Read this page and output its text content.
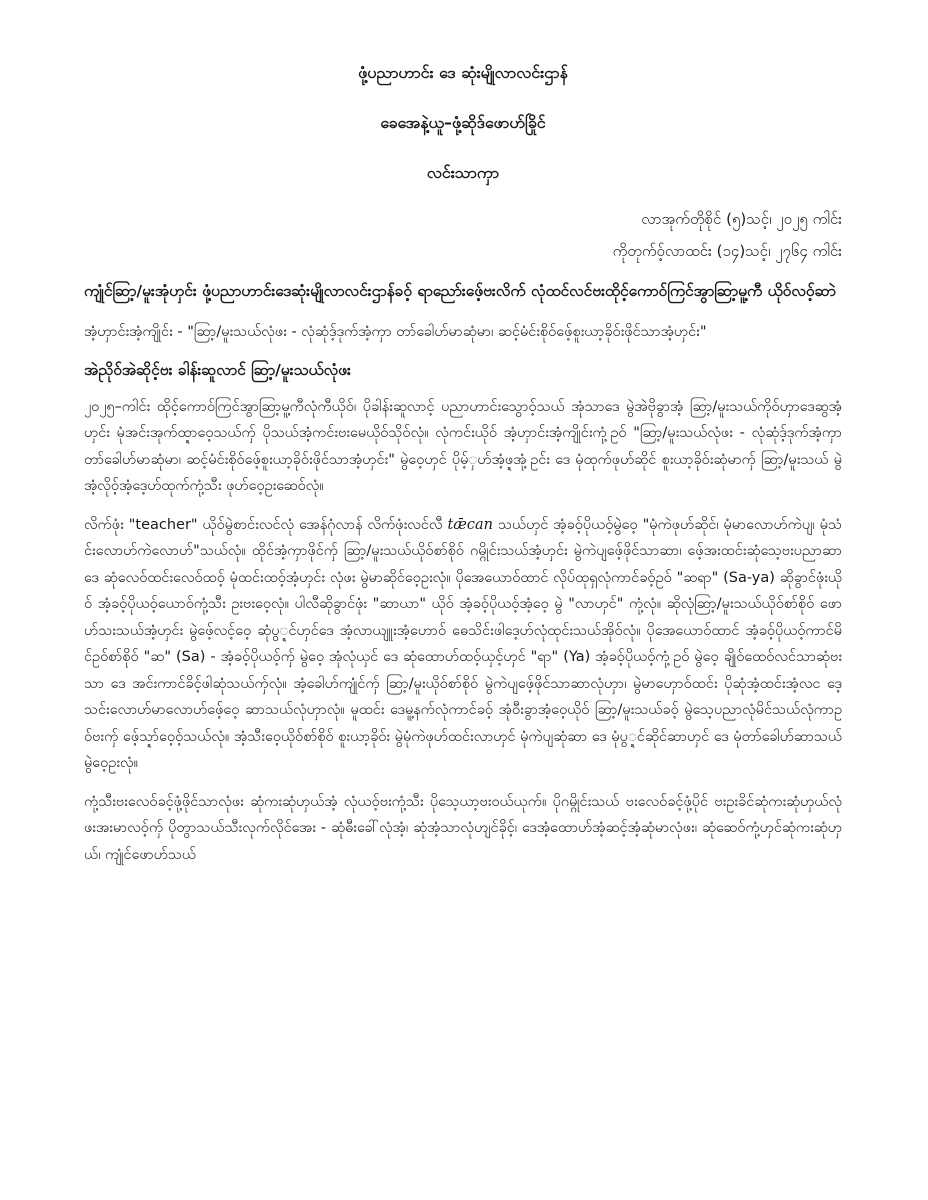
ဖုံ့ပညာဟာင်း ဒေ ဆုံးမျိုလာလင်းဌာန်
ခေအေနဲ့ယူ–ဖုံ့ဆိုဒ်ဖောဟ်ခြိုင်
လင်းသာကှာ

လာအုက်တိုစိုင် (၅)သင့်၊ ၂၀၂၅ ကါင်း

ကိုတုက်ဝ့်လာထင်း (၁၄)သင့်၊ ၂၇၆၄ ကါင်း

ကျုံင်ဆြာ့/မူးအုံဟှင်း ဖုံ့ပညာဟာင်းဒေဆုံးမျိုလာလင်းဌာန်ခဝ့် ရာညော်းဖေ့်ဗးလိက် လုံထင်လင်ဗးထိုင့်ကောဝ်ကြင်အွာဆြာ့မူ့ကီ ယိုဝ်လဝ့်ဆာဲ

အံ့ဟှာင်းအံ့ကျိုင်း - "ဆြာ့/မူးသယ်လုံဖး - လုံဆုံဒ့်ဒုက်အံ့ကှာ တာ်ခေါဟ်မာဆုံမာ၊ ဆင့်မံင်းစိုဝ်ဖေ့်စူးယာ့ခိုဝ်းဖိုင်သာအံ့ဟှင်း"

အဲညိုဝ်အဲဆိုင့်ဗး ခါန်းဆူလာင် ဆြာ့/မူးသယ်လုံဖး

၂၀၂၅–ကါင်း ထိုင့်ကောဝ်ကြင်အွာဆြာ့မူ့ကီလုံကီယိုဝ်၊ ပိုခါန်းဆူလာင့် ပညာဟာင်းသွောဝ့်သယ် အုံသာဒေ မွဲအဲဗိုခွာအံ့ ဆြာ့/မူးသယ်ကိုဝ်ဟှာဒေဆွအံ့ဟှင်း မုံအင်းအုက်ထ္ဍာဝေ့သယ်ကှ် ပိုသယ်အံ့ကင်းဗးမေယိုဝ်သိုဝ်လုံ။ လုံကင်းယိုဝ် အံ့ဟှာင်းအံ့ကျိုင်းကုံ့ဥဝ် "ဆြာ့/မူးသယ်လုံဖး - လုံဆုံဒ့်ဒုက်အံ့ကှာ တာ်ခေါဟ်မာဆုံမာ၊ ဆင့်မံင်းစိုဝ်ဖေ့်စူးယာ့ခိုဝ်းဖိုင်သာအံ့ဟှင်း" မွဲဝေ့ဟှင် ပိုမ့်ှဟ်အံ့ဖ္ဍအုံ့ဥင်း ဒေ မုံထုက်ဖုဟ်ဆိုင် စူးယာ့ခိုဝ်းဆုံမာကှ် ဆြာ့/မူးသယ် မွဲအံ့လိုဝ့်အံ့ဒေ့ဟ်ထုက်ကုံ့သီး ဖုဟ်ဝေ့ဥးဆေဝ်လုံ။

လိက်ဖုံး "teacher" ယိုဝ်မွဲစာင်းလင်လုံ အေန်ဂုံလာန် လိက်ဖုံးလင်လီ tǣcan သယ်ဟှင် အံ့ခဝ့်ပိုယဝ့်မွဲဝေ့ "မုံကဲဖုဟ်ဆိုင်၊ မုံမာလောဟ်ကဲပျ၊ မုံသံင်းလောဟ်ကဲလောဟ်"သယ်လုံ။ ထိုင်အံ့ကှာဖိုင်ကှ် ဆြာ့/မူးသယ်ယိုဝ်စာ်စိုဝ် ဂမ္ဂိုင်းသယ်အံ့ဟှင်း မွဲကဲပျဖေ့်ဖိုင်သာဆာ၊ ဖေ့်အးထင်းဆုံသေ့ဗးပညာဆာ ဒေ ဆုံလေဝ်ထင်းလေဝ်ထဝ့် မုံထင်းထဝ့်အံ့ဟှင်း လုံဖး မွဲမာဆိုင်ဝေ့ဥးလုံ။ ပိုအေယောဝ်ထာင် လိုပ်ထုရှလုံကာင်ခဝ့်ဥဝ် "ဆရာ" (Sa-ya) ဆိုခွာင်ဖုံးယိုဝ် အံ့ခဝ့်ပိုယဝ့်ယောဝ်ကုံ့သီး ဥးဗးဝေ့လုံ။ ပါလီဆိုခွာင်ဖုံး "ဆာယာ" ယိုဝ် အံ့ခဝ့်ပိုယဝ့်အံ့ဝေ့ မွဲ "လာဟှင်" ကုံ့လုံ။ ဆိုလုံဆြာ့/မူးသယ်ယိုဝ်စာ်စိုဝ် ဖောဟ်သးသယ်အံ့ဟှင်း မွဲဖေ့်လင့်ဝေ့ ဆုံပွ္ဍင်ဟှင်ဒေ အံ့လာယျူးအံ့ဟောဝ် ဓေသိင်းဖါဒေ့ဟ်လုံထုင်းသယ်အိုဝ်လုံ။ ပိုအေယောဝ်ထာင် အံ့ခဝ့်ပိုယဝ့်ကာင်မိင်ဥဝ်စာ်စိုဝ် "ဆ" (Sa) - အံ့ခဝ့်ပိုယဝ့်ကှ် မွဲဝေ့ အုံလုံယှင် ဒေ ဆုံထောဟ်ထဝ့်ယှင့်ဟှင် "ရာ" (Ya) အံ့ခဝ့်ပိုယဝ့်ကုံ့ဥဝ် မွဲဝေ့ ချိုဝ်ထေဝ်လင်သာဆုံဗးသာ ဒေ အင်းကာင်ခိင့်ဖါဆုံသယ်ကှ်လုံ။ အံ့ခေါဟ်ကျုံင်ကှ် ဆြာ့/မူးယိုဝ်စာ်စိုဝ် မွဲကဲပျဖေ့်ဖိုင်သာဆာလုံဟှာ၊ မွဲမာဟှောဝ်ထင်း ပိုဆုံအံ့ထင်းအံ့လင ဒေ့သင်းလောဟ်မာလောဟ်ဖေ့်ဝေ့ ဆာသယ်လုံဟှာလုံ။ မူထင်း ဒေမူ့နက်လုံကာင်ခဝ့် အုံဝီးခွာအံ့ဝေ့ယိုဝ် ဆြာ့/မူးသယ်ခဝ့် မွဲသေ့ပညာလုံမိင်သယ်လုံကာဥဝ်ဗးကှ် ဖေ့်သ္ဍာ်ဝေ့ဝ့်သယ်လုံ။ အံ့သီးဝေ့ယိုဝ်စာ်စိုဝ် စူးယာ့ခိုဝ်း မွဲမုံကဲဖုဟ်ထင်းလာဟှင် မုံကဲပျဆုံဆာ ဒေ မုံပွ္ဍင်ဆိုင်ဆာဟှင် ဒေ မုံတာ်ခေါဟ်ဆာသယ် မွဲဝေ့ဥးလုံ။

ကုံ့သီးဗးလေဝ်ခင့်ဖုံ့ဖိုင်သာလုံဖး ဆုံကးဆုံဟှယ်အံ့ လုံယဝ့်ဗးကုံ့သီး ပိုသေ့ယာ့ဗးဝယ်ယုက်။ ပိုဂမ္ဂိုင်းသယ် ဗးလေဝ်ခင့်ဖုံ့ပိုင် ဗးဥးခိင်ဆုံကးဆုံဟှယ်လုံဖးအးမာလဝ့်ကှ် ပိုတွာသယ်သီးလုက်လိုင်အေး - ဆုံဓီးခေါ်လုံအံ့၊ ဆုံအံ့သာလုံဟျင်ခိုင့်၊ ဒေအံ့ထောဟ်အံ့ဆင့်အံ့ဆုံမာလုံဖး၊ ဆုံဆေဝ်ကုံ့ဟှင်ဆုံကးဆုံဟှယ်၊ ကျုံင်ဖောဟ်သယ်
